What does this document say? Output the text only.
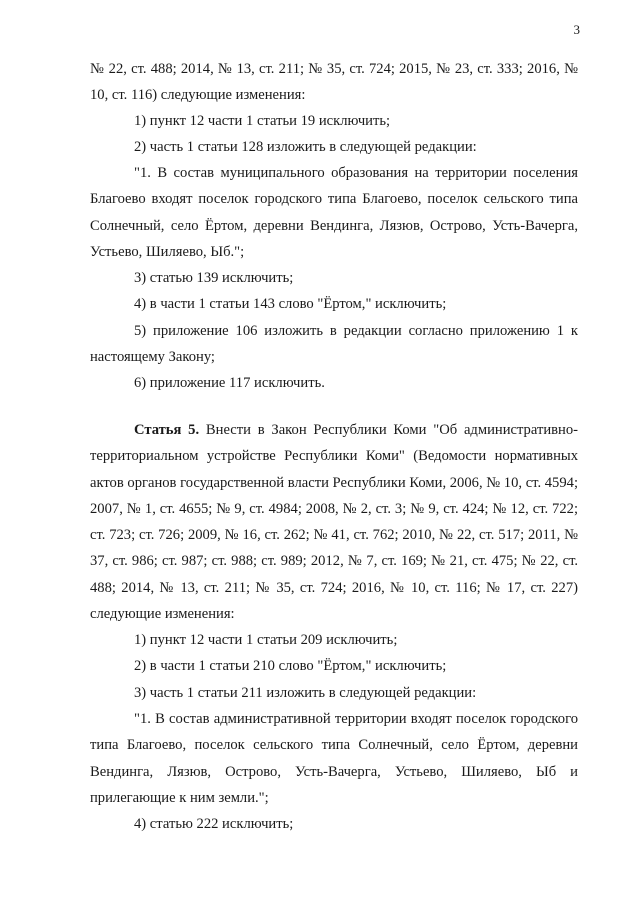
3
№ 22, ст. 488; 2014, № 13, ст. 211; № 35, ст. 724; 2015, № 23, ст. 333; 2016, № 10, ст. 116) следующие изменения:
1) пункт 12 части 1 статьи 19 исключить;
2) часть 1 статьи 128 изложить в следующей редакции:
"1. В состав муниципального образования на территории поселения Благоево входят поселок городского типа Благоево, поселок сельского типа Солнечный, село Ёртом, деревни Вендинга, Лязюв, Острово, Усть-Вачерга, Устьево, Шиляево, Ыб.";
3) статью 139 исключить;
4) в части 1 статьи 143 слово "Ёртом," исключить;
5) приложение 106 изложить в редакции согласно приложению 1 к настоящему Закону;
6) приложение 117 исключить.
Статья 5. Внести в Закон Республики Коми "Об административно-территориальном устройстве Республики Коми" (Ведомости нормативных актов органов государственной власти Республики Коми, 2006, № 10, ст. 4594; 2007, № 1, ст. 4655; № 9, ст. 4984; 2008, № 2, ст. 3; № 9, ст. 424; № 12, ст. 722; ст. 723; ст. 726; 2009, № 16, ст. 262; № 41, ст. 762; 2010, № 22, ст. 517; 2011, № 37, ст. 986; ст. 987; ст. 988; ст. 989; 2012, № 7, ст. 169; № 21, ст. 475; № 22, ст. 488; 2014, № 13, ст. 211; № 35, ст. 724; 2016, № 10, ст. 116; № 17, ст. 227) следующие изменения:
1) пункт 12 части 1 статьи 209 исключить;
2) в части 1 статьи 210 слово "Ёртом," исключить;
3) часть 1 статьи 211 изложить в следующей редакции:
"1. В состав административной территории входят поселок городского типа Благоево, поселок сельского типа Солнечный, село Ёртом, деревни Вендинга, Лязюв, Острово, Усть-Вачерга, Устьево, Шиляево, Ыб и прилегающие к ним земли.";
4) статью 222 исключить;
